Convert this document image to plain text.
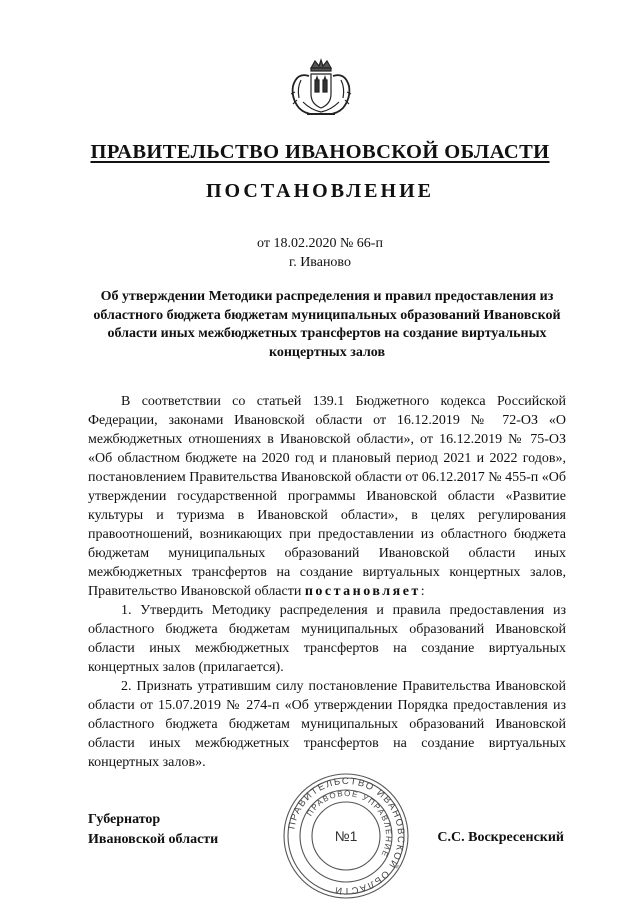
ПРАВИТЕЛЬСТВО ИВАНОВСКОЙ ОБЛАСТИ
ПОСТАНОВЛЕНИЕ
от 18.02.2020 № 66-п
г. Иваново
Об утверждении Методики распределения и правил предоставления из областного бюджета бюджетам муниципальных образований Ивановской области иных межбюджетных трансфертов на создание виртуальных концертных залов

В соответствии со статьей 139.1 Бюджетного кодекса Российской Федерации, законами Ивановской области от 16.12.2019 № 72-ОЗ «О межбюджетных отношениях в Ивановской области», от 16.12.2019 № 75-ОЗ «Об областном бюджете на 2020 год и плановый период 2021 и 2022 годов», постановлением Правительства Ивановской области от 06.12.2017 № 455-п «Об утверждении государственной программы Ивановской области «Развитие культуры и туризма в Ивановской области», в целях регулирования правоотношений, возникающих при предоставлении из областного бюджета бюджетам муниципальных образований Ивановской области иных межбюджетных трансфертов на создание виртуальных концертных залов, Правительство Ивановской области постановляет:

1. Утвердить Методику распределения и правила предоставления из областного бюджета бюджетам муниципальных образований Ивановской области иных межбюджетных трансфертов на создание виртуальных концертных залов (прилагается).

2. Признать утратившим силу постановление Правительства Ивановской области от 15.07.2019 № 274-п «Об утверждении Порядка предоставления из областного бюджета бюджетам муниципальных образований Ивановской области иных межбюджетных трансфертов на создание виртуальных концертных залов».

Губернатор
Ивановской области
ПРАВИТЕЛЬСТВО ИВАНОВСКОЙ ОБЛАСТИ
ПРАВОВОЕ УПРАВЛЕНИЕ
№1	С.С. Воскресенский
